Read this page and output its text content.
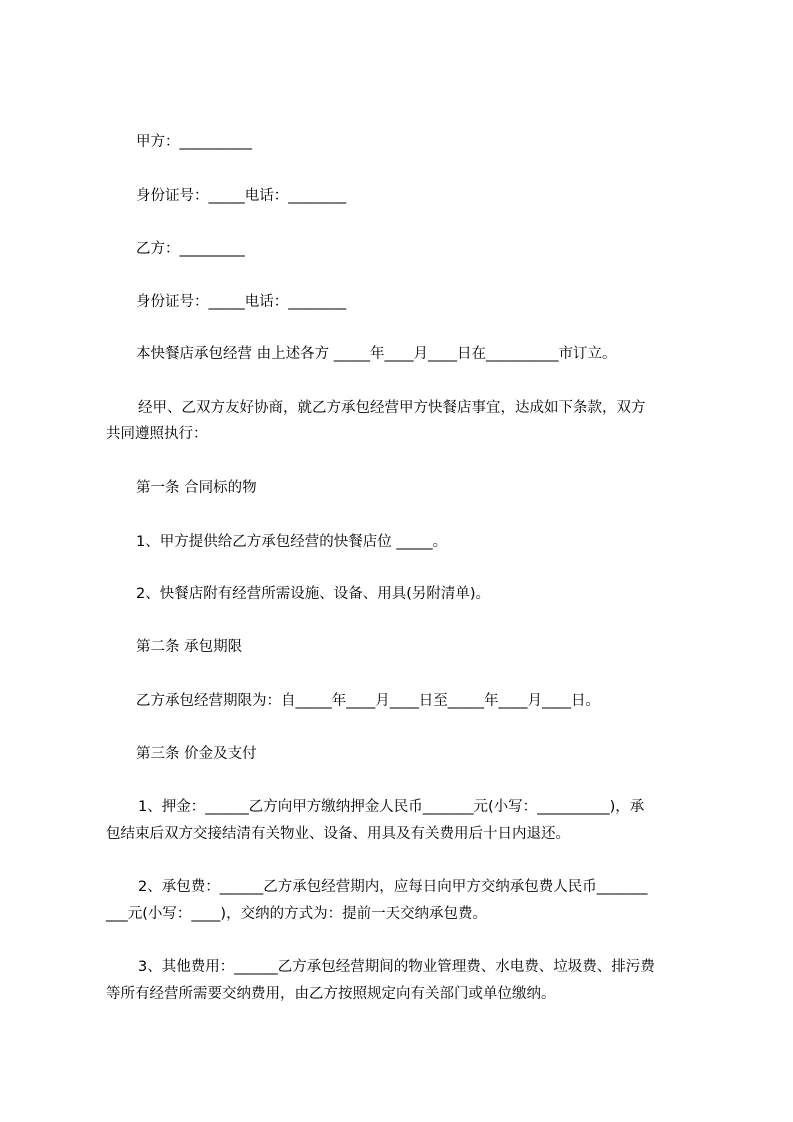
甲方：__________
身份证号：_____电话：________
乙方：_________
身份证号：_____电话：________
本快餐店承包经营 由上述各方 _____年____月____日在__________市订立。
经甲、乙双方友好协商，就乙方承包经营甲方快餐店事宜，达成如下条款，双方
共同遵照执行：
第一条 合同标的物
1、甲方提供给乙方承包经营的快餐店位 _____。
2、快餐店附有经营所需设施、设备、用具(另附清单)。
第二条 承包期限
乙方承包经营期限为：自_____年____月____日至_____年____月____日。
第三条 价金及支付
1、押金：______乙方向甲方缴纳押金人民币_______元(小写：__________)，承
包结束后双方交接结清有关物业、设备、用具及有关费用后十日内退还。
2、承包费：______乙方承包经营期内，应每日向甲方交纳承包费人民币_______
___元(小写：____)，交纳的方式为：提前一天交纳承包费。
3、其他费用：______乙方承包经营期间的物业管理费、水电费、垃圾费、排污费
等所有经营所需要交纳费用，由乙方按照规定向有关部门或单位缴纳。
